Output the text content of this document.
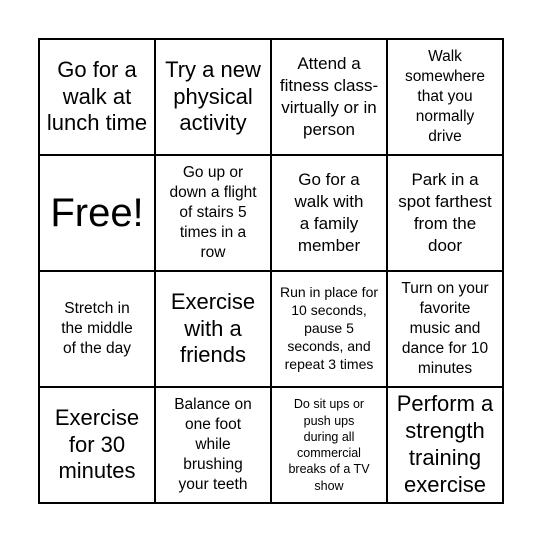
Go for a
walk at
lunch time
Try a new
physical
activity
Attend a
fitness class-
virtually or in
person
Walk
somewhere
that you
normally
drive
Free!
Go up or
down a flight
of stairs 5
times in a
row
Go for a
walk with
a family
member
Park in a
spot farthest
from the
door
Stretch in
the middle
of the day
Exercise
with a
friends
Run in place for
10 seconds,
pause 5
seconds, and
repeat 3 times
Turn on your
favorite
music and
dance for 10
minutes
Exercise
for 30
minutes
Balance on
one foot
while
brushing
your teeth
Do sit ups or
push ups
during all
commercial
breaks of a TV
show
Perform a
strength
training
exercise
